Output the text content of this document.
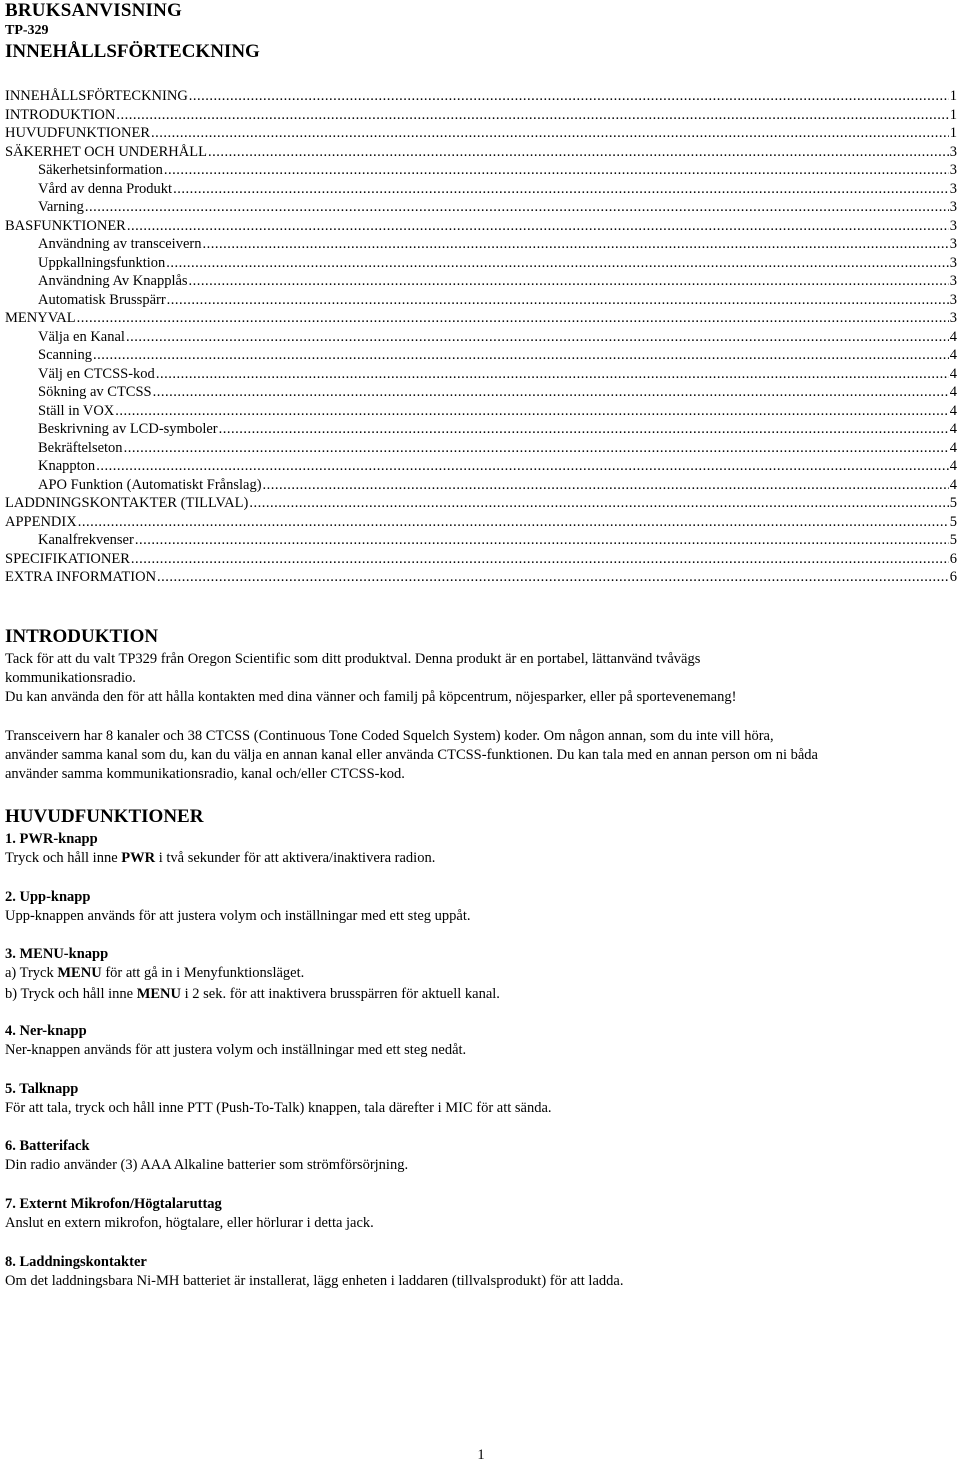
BRUKSANVISNING
TP-329
INNEHÅLLSFÖRTECKNING
INNEHÅLLSFÖRTECKNING .....	1
INTRODUKTION .....	1
HUVUDFUNKTIONER .....	1
SÄKERHET OCH UNDERHÅLL .....	3
Säkerhetsinformation .....	3
Vård av denna Produkt .....	3
Varning .....	3
BASFUNKTIONER .....	3
Användning av transceivern .....	3
Uppkallningsfunktion .....	3
Användning Av Knapplås .....	3
Automatisk Brusspärr .....	3
MENYVAL .....	3
Välja en Kanal .....	4
Scanning .....	4
Välj en CTCSS-kod .....	4
Sökning av CTCSS .....	4
Ställ in VOX .....	4
Beskrivning av LCD-symboler .....	4
Bekräftelseton .....	4
Knappton .....	4
APO Funktion (Automatiskt Frånslag) .....	4
LADDNINGSKONTAKTER (TILLVAL) .....	5
APPENDIX .....	5
Kanalfrekvenser .....	5
SPECIFIKATIONER .....	6
EXTRA INFORMATION .....	6
INTRODUKTION
Tack för att du valt TP329 från Oregon Scientific som ditt produktval. Denna produkt är en portabel, lättanvänd tvåvägs
kommunikationsradio.
Du kan använda den för att hålla kontakten med dina vänner och familj på köpcentrum, nöjesparker, eller på sportevenemang!
Transceivern har 8 kanaler och 38 CTCSS (Continuous Tone Coded Squelch System) koder. Om någon annan, som du inte vill höra,
använder samma kanal som du, kan du välja en annan kanal eller använda CTCSS-funktionen. Du kan tala med en annan person om ni båda
använder samma kommunikationsradio, kanal och/eller CTCSS-kod.
HUVUDFUNKTIONER
1. PWR-knapp
Tryck och håll inne PWR i två sekunder för att aktivera/inaktivera radion.
2. Upp-knapp
Upp-knappen används för att justera volym och inställningar med ett steg uppåt.
3. MENU-knapp
a) Tryck MENU för att gå in i Menyfunktionsläget.
b) Tryck och håll inne MENU i 2 sek. för att inaktivera brusspärren för aktuell kanal.
4. Ner-knapp
Ner-knappen används för att justera volym och inställningar med ett steg nedåt.
5. Talknapp
För att tala, tryck och håll inne PTT (Push-To-Talk) knappen, tala därefter i MIC för att sända.
6. Batterifack
Din radio använder (3) AAA Alkaline batterier som strömförsörjning.
7. Externt Mikrofon/Högtalaruttag
Anslut en extern mikrofon, högtalare, eller hörlurar i detta jack.
8. Laddningskontakter
Om det laddningsbara Ni-MH batteriet är installerat, lägg enheten i laddaren (tillvalsprodukt) för att ladda.
1
